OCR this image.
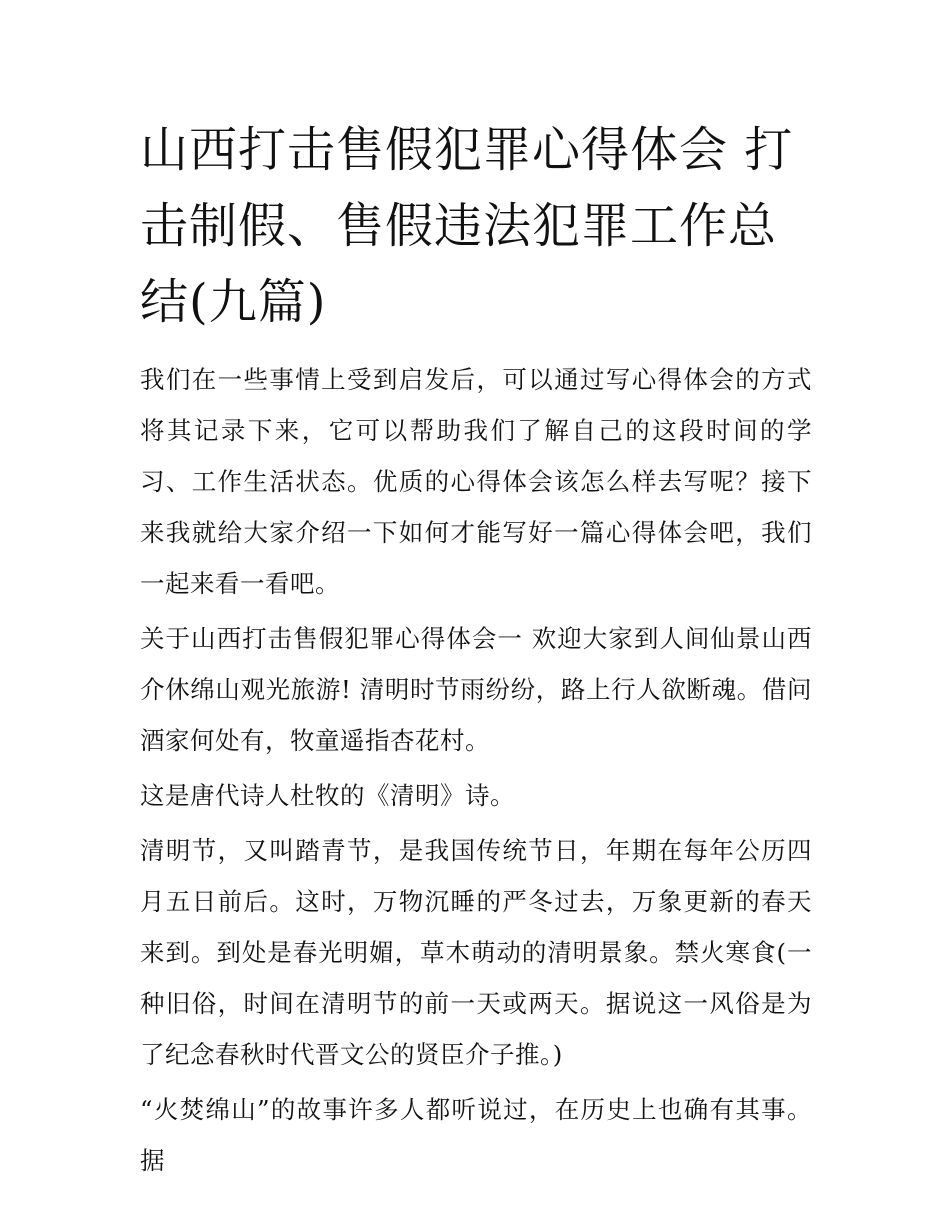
山西打击售假犯罪心得体会 打击制假、售假违法犯罪工作总结(九篇)

我们在一些事情上受到启发后，可以通过写心得体会的方式将其记录下来，它可以帮助我们了解自己的这段时间的学习、工作生活状态。优质的心得体会该怎么样去写呢？接下来我就给大家介绍一下如何才能写好一篇心得体会吧，我们一起来看一看吧。

关于山西打击售假犯罪心得体会一 欢迎大家到人间仙景山西介休绵山观光旅游! 清明时节雨纷纷，路上行人欲断魂。借问酒家何处有，牧童遥指杏花村。

这是唐代诗人杜牧的《清明》诗。

清明节，又叫踏青节，是我国传统节日，年期在每年公历四月五日前后。这时，万物沉睡的严冬过去，万象更新的春天来到。到处是春光明媚，草木萌动的清明景象。禁火寒食(一种旧俗，时间在清明节的前一天或两天。据说这一风俗是为了纪念春秋时代晋文公的贤臣介子推。)

“火焚绵山”的故事许多人都听说过，在历史上也确有其事。据
